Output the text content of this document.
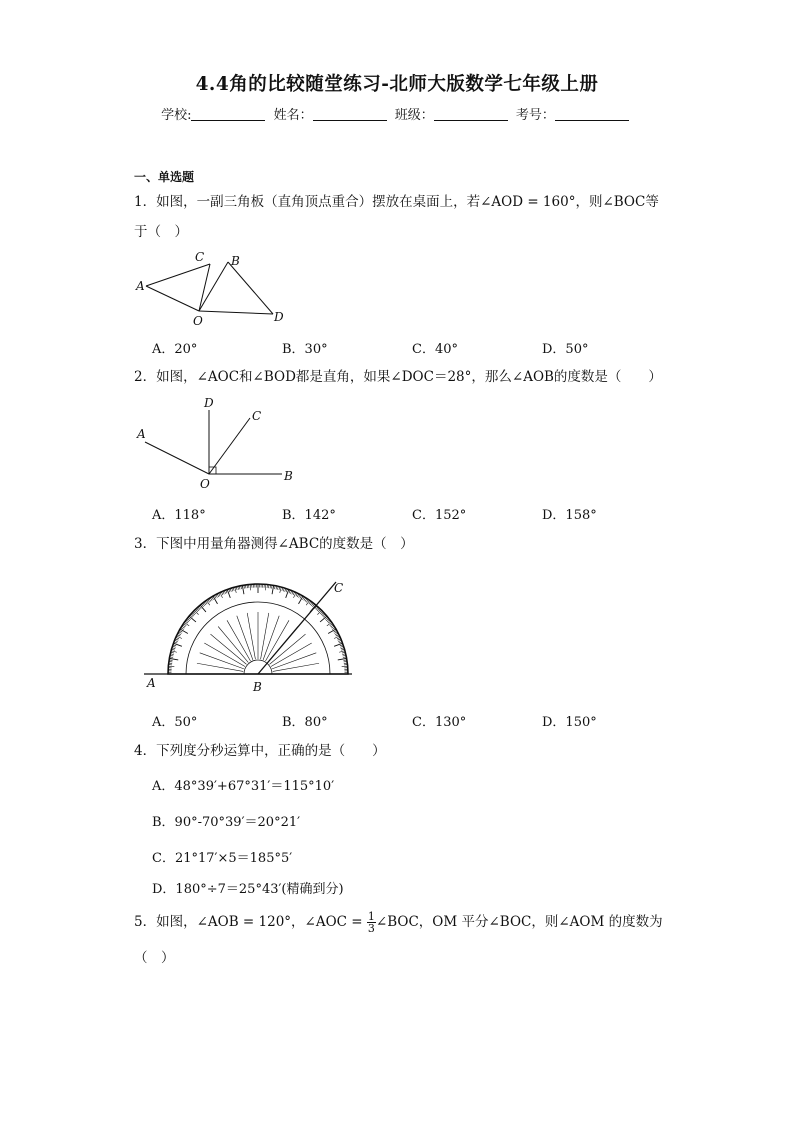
4.4角的比较随堂练习-北师大版数学七年级上册
学校:	姓名：	班级：	考号：
一、单选题
1．如图，一副三角板（直角顶点重合）摆放在桌面上，若∠AOD = 160°，则∠BOC等
于（　）
A
C B
O	D
A．20°	B．30°	C．40°	D．50°
2．如图，∠AOC和∠BOD都是直角，如果∠DOC＝28°，那么∠AOB的度数是（　　）
D
C
A
B
O
A．118°	B．142°	C．152°	D．158°
3．下图中用量角器测得∠ABC的度数是（　）
A	B
C
A．50°	B．80°	C．130°	D．150°
4．下列度分秒运算中，正确的是（　　）
A．48°39′+67°31′＝115°10′
B．90°-70°39′＝20°21′
C．21°17′×5＝185°5′
D．180°÷7＝25°43′(精确到分)
5．如图，∠AOB = 120°，∠AOC = $\frac{1}{3}$ ∠BOC，OM 平分∠BOC，则∠AOM 的度数为
（　）
